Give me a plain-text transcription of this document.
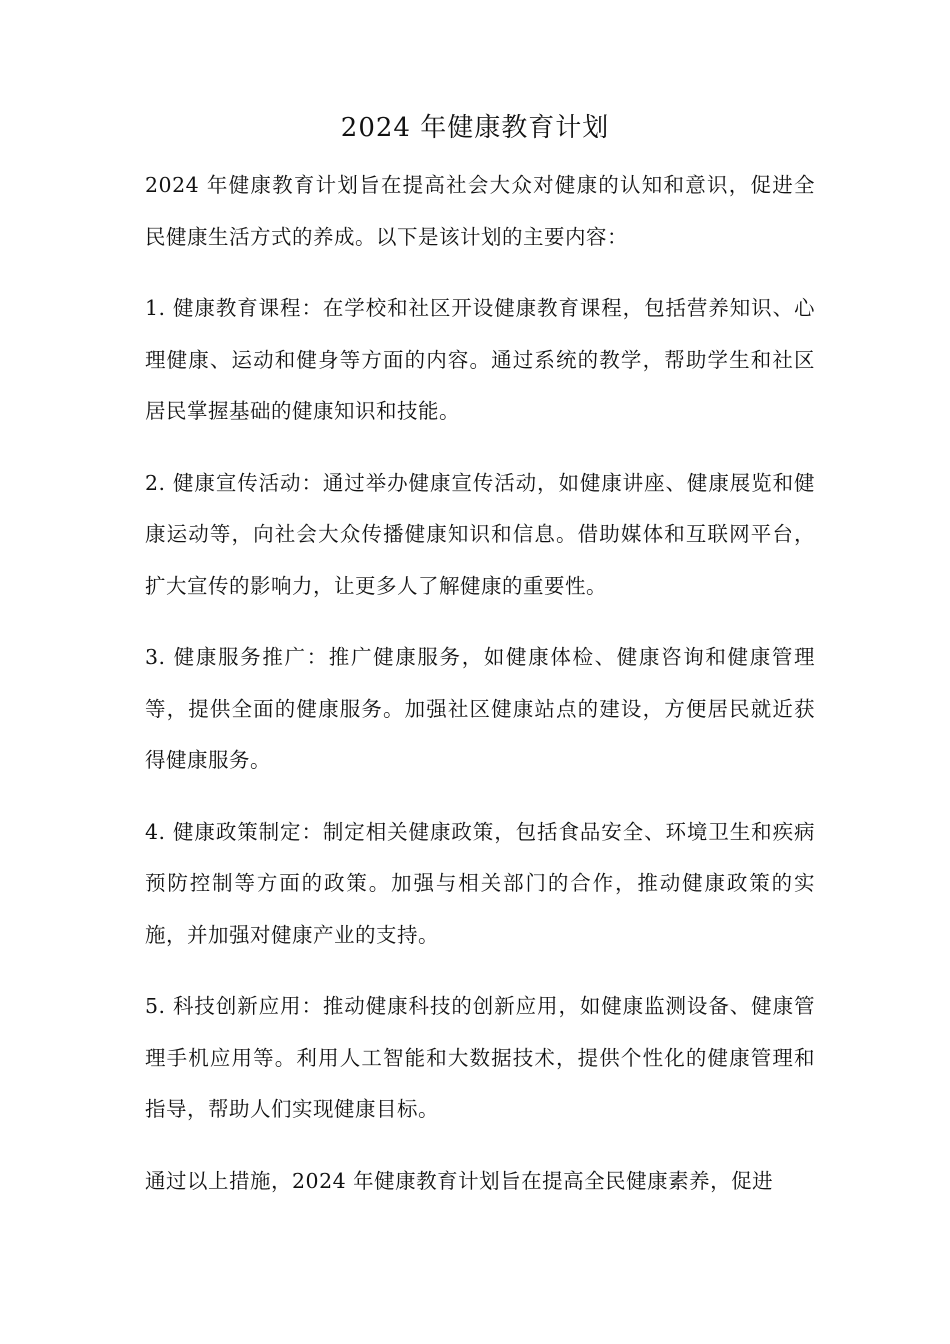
2024 年健康教育计划

2024 年健康教育计划旨在提高社会大众对健康的认知和意识，促进全民健康生活方式的养成。以下是该计划的主要内容：

1. 健康教育课程：在学校和社区开设健康教育课程，包括营养知识、心理健康、运动和健身等方面的内容。通过系统的教学，帮助学生和社区居民掌握基础的健康知识和技能。

2. 健康宣传活动：通过举办健康宣传活动，如健康讲座、健康展览和健康运动等，向社会大众传播健康知识和信息。借助媒体和互联网平台，扩大宣传的影响力，让更多人了解健康的重要性。

3. 健康服务推广：推广健康服务，如健康体检、健康咨询和健康管理等，提供全面的健康服务。加强社区健康站点的建设，方便居民就近获得健康服务。

4. 健康政策制定：制定相关健康政策，包括食品安全、环境卫生和疾病预防控制等方面的政策。加强与相关部门的合作，推动健康政策的实施，并加强对健康产业的支持。

5. 科技创新应用：推动健康科技的创新应用，如健康监测设备、健康管理手机应用等。利用人工智能和大数据技术，提供个性化的健康管理和指导，帮助人们实现健康目标。

通过以上措施，2024 年健康教育计划旨在提高全民健康素养，促进
